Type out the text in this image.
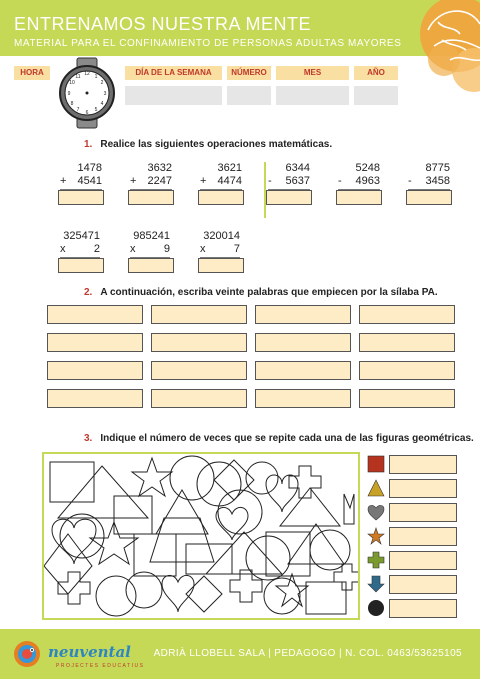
ENTRENAMOS NUESTRA MENTE
MATERIAL PARA EL CONFINAMIENTO DE PERSONAS ADULTAS MAYORES
HORA	DÍA DE LA SEMANA	NÚMERO	MES	AÑO
12 1
2
3
4
5
6
7
8
9
10
11
1. Realice las siguientes operaciones matemáticas.
1478
+ 4541
3632
+ 2247
3621
+ 4474
6344
- 5637
5248
- 4963
8775
- 3458
325471
x	2
985241
x	9
320014
x	7
2. A continuación, escriba veinte palabras que empiecen por la sílaba PA.
3. Indique el número de veces que se repite cada una de las figuras geométricas.
neuvental
PROJECTES EDUCATIUS
ADRIÀ LLOBELL SALA | PEDAGOGO | N. COL. 0463/53625105
